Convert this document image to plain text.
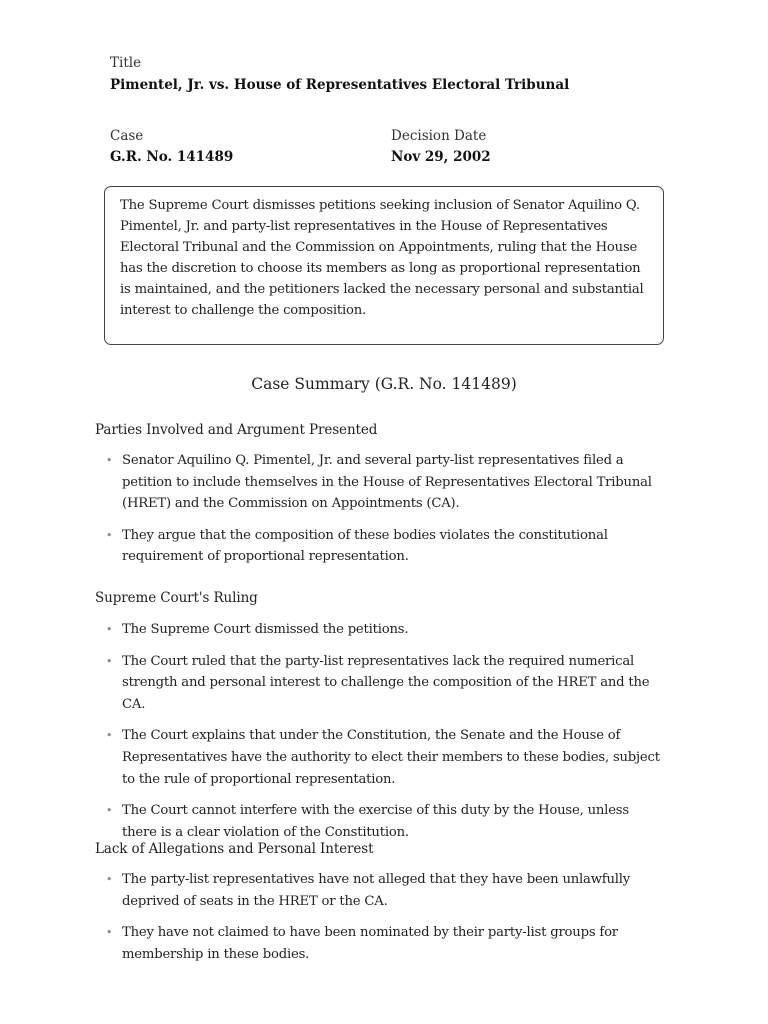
Title
Pimentel, Jr. vs. House of Representatives Electoral Tribunal
Case
G.R. No. 141489
Decision Date
Nov 29, 2002
The Supreme Court dismisses petitions seeking inclusion of Senator Aquilino Q. Pimentel, Jr. and party-list representatives in the House of Representatives Electoral Tribunal and the Commission on Appointments, ruling that the House has the discretion to choose its members as long as proportional representation is maintained, and the petitioners lacked the necessary personal and substantial interest to challenge the composition.
Case Summary (G.R. No. 141489)
Parties Involved and Argument Presented
• Senator Aquilino Q. Pimentel, Jr. and several party-list representatives filed a petition to include themselves in the House of Representatives Electoral Tribunal (HRET) and the Commission on Appointments (CA).
• They argue that the composition of these bodies violates the constitutional requirement of proportional representation.
Supreme Court's Ruling
• The Supreme Court dismissed the petitions.
• The Court ruled that the party-list representatives lack the required numerical strength and personal interest to challenge the composition of the HRET and the CA.
• The Court explains that under the Constitution, the Senate and the House of Representatives have the authority to elect their members to these bodies, subject to the rule of proportional representation.
• The Court cannot interfere with the exercise of this duty by the House, unless there is a clear violation of the Constitution.
Lack of Allegations and Personal Interest
• The party-list representatives have not alleged that they have been unlawfully deprived of seats in the HRET or the CA.
• They have not claimed to have been nominated by their party-list groups for membership in these bodies.
